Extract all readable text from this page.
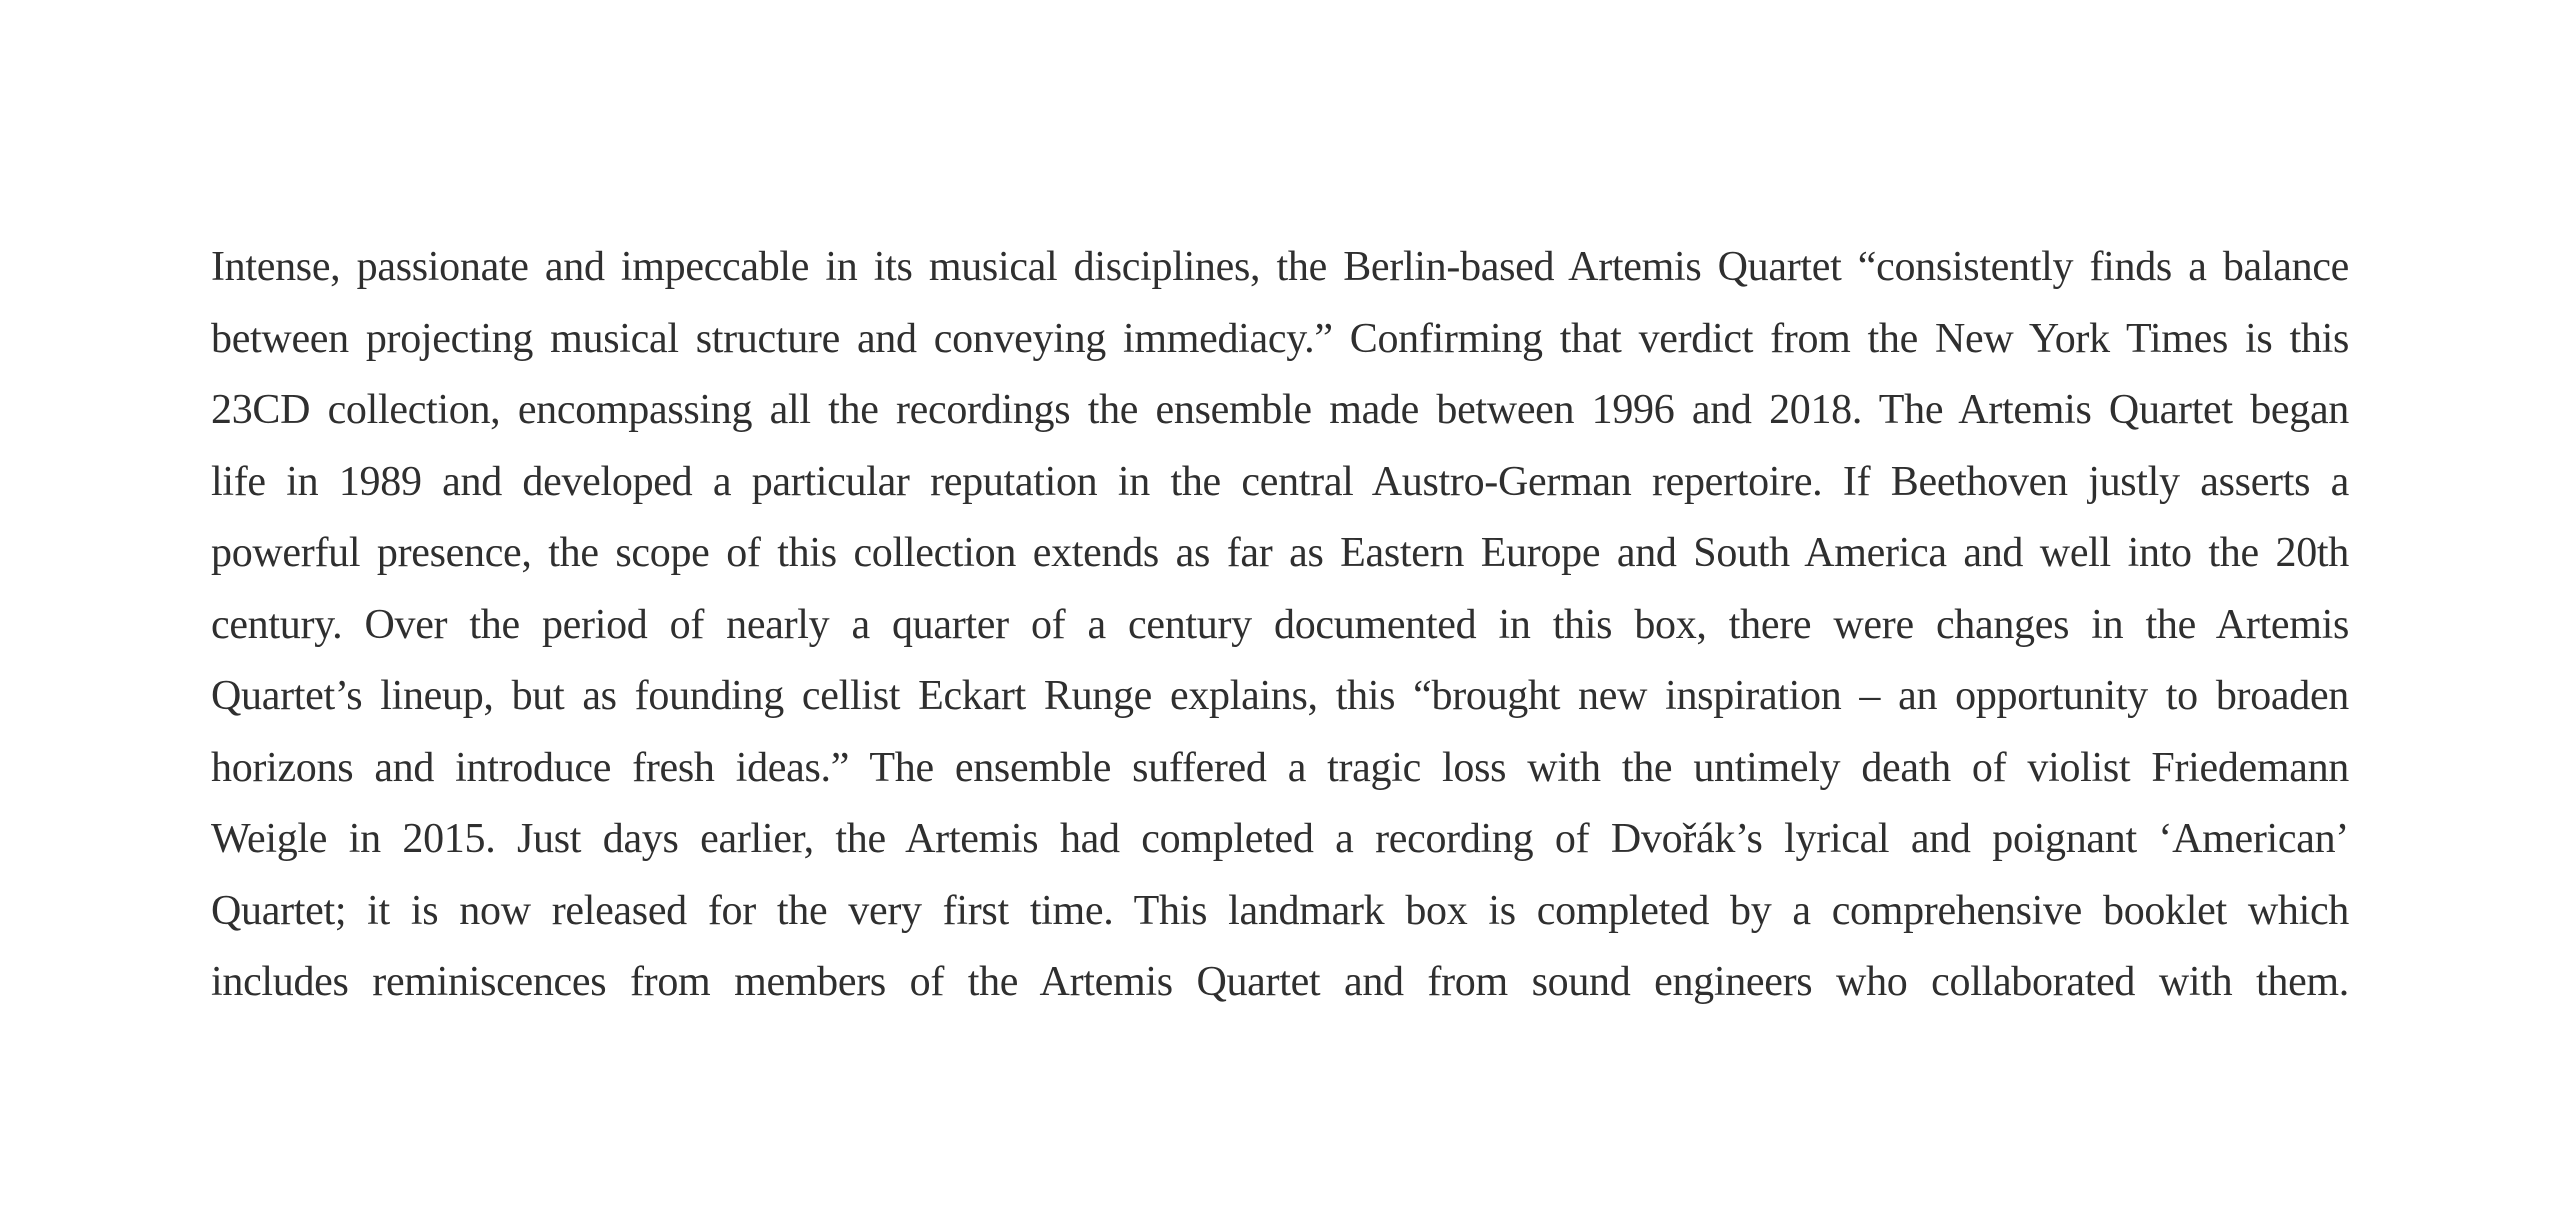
Intense, passionate and impeccable in its musical disciplines, the Berlin-based Artemis Quartet “consistently finds a balance
between projecting musical structure and conveying immediacy.” Confirming that verdict from the New York Times is this
23CD collection, encompassing all the recordings the ensemble made between 1996 and 2018. The Artemis Quartet began
life in 1989 and developed a particular reputation in the central Austro-German repertoire. If Beethoven justly asserts a
powerful presence, the scope of this collection extends as far as Eastern Europe and South America and well into the 20th
century. Over the period of nearly a quarter of a century documented in this box, there were changes in the Artemis
Quartet’s lineup, but as founding cellist Eckart Runge explains, this “brought new inspiration – an opportunity to broaden
horizons and introduce fresh ideas.” The ensemble suffered a tragic loss with the untimely death of violist Friedemann
Weigle in 2015. Just days earlier, the Artemis had completed a recording of Dvořák’s lyrical and poignant ‘American’
Quartet; it is now released for the very first time. This landmark box is completed by a comprehensive booklet which
includes reminiscences from members of the Artemis Quartet and from sound engineers who collaborated with them.
